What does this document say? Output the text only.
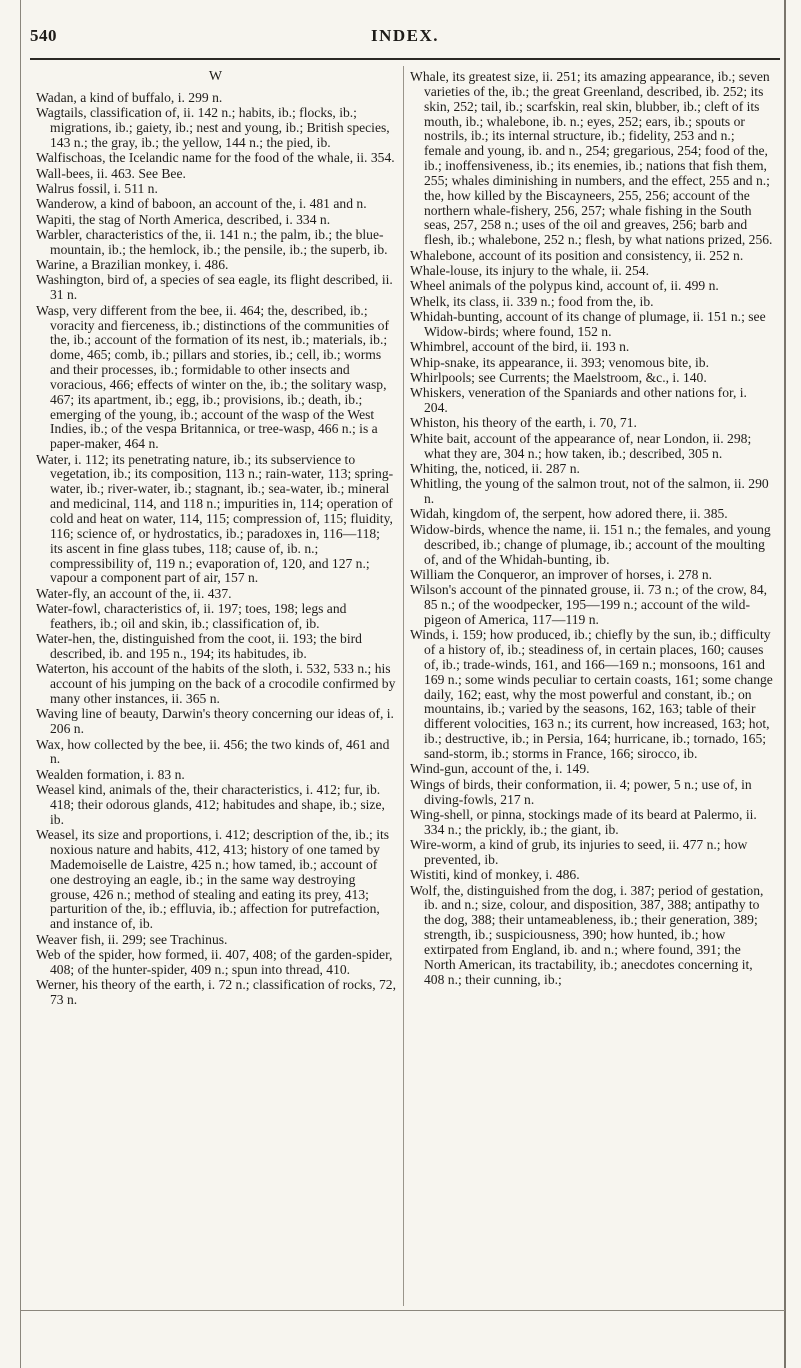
540	INDEX.
W

Wadan, a kind of buffalo, i. 299 n.

Wagtails, classification of, ii. 142 n.; habits, ib.; flocks, ib.; migrations, ib.; gaiety, ib.; nest and young, ib.; British species, 143 n.; the gray, ib.; the yellow, 144 n.; the pied, ib.

Walfischoas, the Icelandic name for the food of the whale, ii. 354.

Wall-bees, ii. 463. See Bee.

Walrus fossil, i. 511 n.

Wanderow, a kind of baboon, an account of the, i. 481 and n.

Wapiti, the stag of North America, described, i. 334 n.

Warbler, characteristics of the, ii. 141 n.; the palm, ib.; the blue-mountain, ib.; the hemlock, ib.; the pensile, ib.; the superb, ib.

Warine, a Brazilian monkey, i. 486.

Washington, bird of, a species of sea eagle, its flight described, ii. 31 n.

Wasp, very different from the bee, ii. 464; the, described, ib.; voracity and fierceness, ib.; distinctions of the communities of the, ib.; account of the formation of its nest, ib.; materials, ib.; dome, 465; comb, ib.; pillars and stories, ib.; cell, ib.; worms and their processes, ib.; formidable to other insects and voracious, 466; effects of winter on the, ib.; the solitary wasp, 467; its apartment, ib.; egg, ib.; provisions, ib.; death, ib.; emerging of the young, ib.; account of the wasp of the West Indies, ib.; of the vespa Britannica, or tree-wasp, 466 n.; is a paper-maker, 464 n.

Water, i. 112; its penetrating nature, ib.; its subservience to vegetation, ib.; its composition, 113 n.; rain-water, 113; spring-water, ib.; river-water, ib.; stagnant, ib.; sea-water, ib.; mineral and medicinal, 114, and 118 n.; impurities in, 114; operation of cold and heat on water, 114, 115; compression of, 115; fluidity, 116; science of, or hydrostatics, ib.; paradoxes in, 116—118; its ascent in fine glass tubes, 118; cause of, ib. n.; compressibility of, 119 n.; evaporation of, 120, and 127 n.; vapour a component part of air, 157 n.

Water-fly, an account of the, ii. 437.

Water-fowl, characteristics of, ii. 197; toes, 198; legs and feathers, ib.; oil and skin, ib.; classification of, ib.

Water-hen, the, distinguished from the coot, ii. 193; the bird described, ib. and 195 n., 194; its habitudes, ib.

Waterton, his account of the habits of the sloth, i. 532, 533 n.; his account of his jumping on the back of a crocodile confirmed by many other instances, ii. 365 n.

Waving line of beauty, Darwin's theory concerning our ideas of, i. 206 n.

Wax, how collected by the bee, ii. 456; the two kinds of, 461 and n.

Wealden formation, i. 83 n.

Weasel kind, animals of the, their characteristics, i. 412; fur, ib. 418; their odorous glands, 412; habitudes and shape, ib.; size, ib.

Weasel, its size and proportions, i. 412; description of the, ib.; its noxious nature and habits, 412, 413; history of one tamed by Mademoiselle de Laistre, 425 n.; how tamed, ib.; account of one destroying an eagle, ib.; in the same way destroying grouse, 426 n.; method of stealing and eating its prey, 413; parturition of the, ib.; effluvia, ib.; affection for putrefaction, and instance of, ib.

Weaver fish, ii. 299; see Trachinus.

Web of the spider, how formed, ii. 407, 408; of the garden-spider, 408; of the hunter-spider, 409 n.; spun into thread, 410.

Werner, his theory of the earth, i. 72 n.; classification of rocks, 72, 73 n.

Whale, its greatest size, ii. 251; its amazing appearance, ib.; seven varieties of the, ib.; the great Greenland, described, ib. 252; its skin, 252; tail, ib.; scarfskin, real skin, blubber, ib.; cleft of its mouth, ib.; whalebone, ib. n.; eyes, 252; ears, ib.; spouts or nostrils, ib.; its internal structure, ib.; fidelity, 253 and n.; female and young, ib. and n., 254; gregarious, 254; food of the, ib.; inoffensiveness, ib.; its enemies, ib.; nations that fish them, 255; whales diminishing in numbers, and the effect, 255 and n.; the, how killed by the Biscayneers, 255, 256; account of the northern whale-fishery, 256, 257; whale fishing in the South seas, 257, 258 n.; uses of the oil and greaves, 256; barb and flesh, ib.; whalebone, 252 n.; flesh, by what nations prized, 256.

Whalebone, account of its position and consistency, ii. 252 n.

Whale-louse, its injury to the whale, ii. 254.

Wheel animals of the polypus kind, account of, ii. 499 n.

Whelk, its class, ii. 339 n.; food from the, ib.

Whidah-bunting, account of its change of plumage, ii. 151 n.; see Widow-birds; where found, 152 n.

Whimbrel, account of the bird, ii. 193 n.

Whip-snake, its appearance, ii. 393; venomous bite, ib.

Whirlpools; see Currents; the Maelstroom, &c., i. 140.

Whiskers, veneration of the Spaniards and other nations for, i. 204.

Whiston, his theory of the earth, i. 70, 71.

White bait, account of the appearance of, near London, ii. 298; what they are, 304 n.; how taken, ib.; described, 305 n.

Whiting, the, noticed, ii. 287 n.

Whitling, the young of the salmon trout, not of the salmon, ii. 290 n.

Widah, kingdom of, the serpent, how adored there, ii. 385.

Widow-birds, whence the name, ii. 151 n.; the females, and young described, ib.; change of plumage, ib.; account of the moulting of, and of the Whidah-bunting, ib.

William the Conqueror, an improver of horses, i. 278 n.

Wilson's account of the pinnated grouse, ii. 73 n.; of the crow, 84, 85 n.; of the woodpecker, 195—199 n.; account of the wild-pigeon of America, 117—119 n.

Winds, i. 159; how produced, ib.; chiefly by the sun, ib.; difficulty of a history of, ib.; steadiness of, in certain places, 160; causes of, ib.; trade-winds, 161, and 166—169 n.; monsoons, 161 and 169 n.; some winds peculiar to certain coasts, 161; some change daily, 162; east, why the most powerful and constant, ib.; on mountains, ib.; varied by the seasons, 162, 163; table of their different volocities, 163 n.; its current, how increased, 163; hot, ib.; destructive, ib.; in Persia, 164; hurricane, ib.; tornado, 165; sand-storm, ib.; storms in France, 166; sirocco, ib.

Wind-gun, account of the, i. 149.

Wings of birds, their conformation, ii. 4; power, 5 n.; use of, in diving-fowls, 217 n.

Wing-shell, or pinna, stockings made of its beard at Palermo, ii. 334 n.; the prickly, ib.; the giant, ib.

Wire-worm, a kind of grub, its injuries to seed, ii. 477 n.; how prevented, ib.

Wistiti, kind of monkey, i. 486.

Wolf, the, distinguished from the dog, i. 387; period of gestation, ib. and n.; size, colour, and disposition, 387, 388; antipathy to the dog, 388; their untameableness, ib.; their generation, 389; strength, ib.; suspiciousness, 390; how hunted, ib.; how extirpated from England, ib. and n.; where found, 391; the North American, its tractability, ib.; anecdotes concerning it, 408 n.; their cunning, ib.;
